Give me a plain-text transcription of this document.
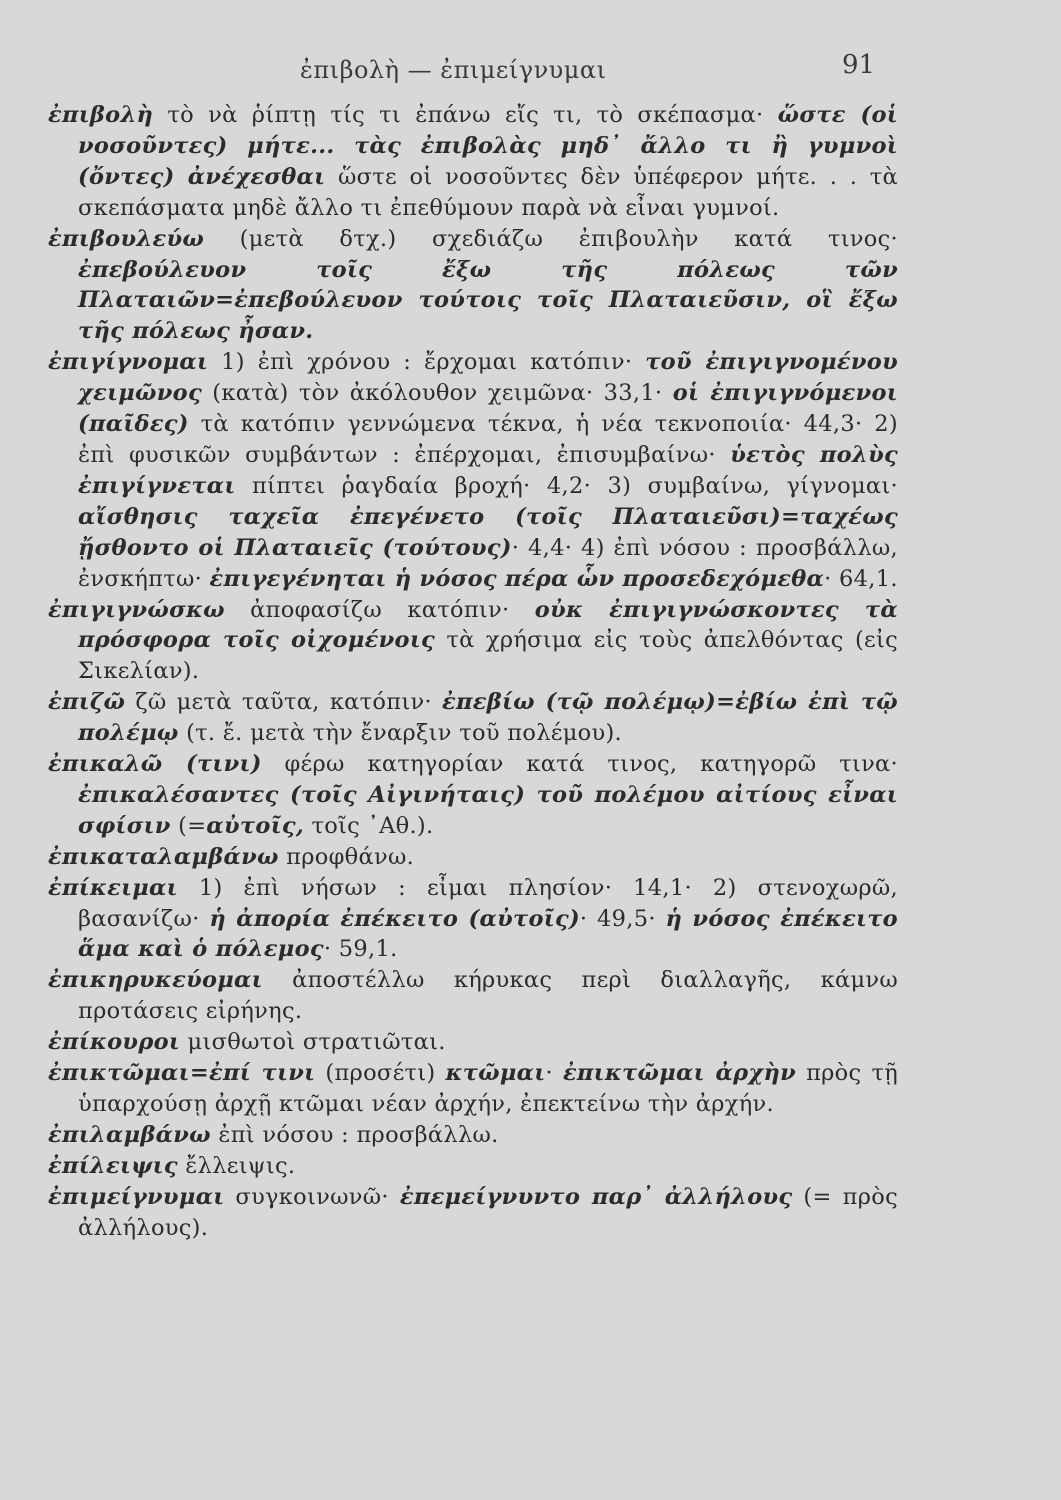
ἐπιβολὴ — ἐπιμείγνυμαι	91

ἐπιβολὴ τὸ νὰ ῥίπτῃ τίς τι ἐπάνω εἴς τι, τὸ σκέπασμα· ὥστε (οἱ νοσοῦντες) μήτε... τὰς ἐπιβολὰς μηδ᾿ ἄλλο τι ἢ γυμνοὶ (ὄντες) ἀνέχεσθαι ὥστε οἱ νοσοῦντες δὲν ὑπέφερον μήτε. . . τὰ σκεπάσματα μηδὲ ἄλλο τι ἐπεθύμουν παρὰ νὰ εἶναι γυμνοί.

ἐπιβουλεύω (μετὰ δτχ.) σχεδιάζω ἐπιβουλὴν κατά τινος· ἐπεβούλευον τοῖς ἔξω τῆς πόλεως τῶν Πλαταιῶν=ἐπεβούλευον τούτοις τοῖς Πλαταιεῦσιν, οἳ ἔξω τῆς πόλεως ἦσαν.

ἐπιγίγνομαι 1) ἐπὶ χρόνου : ἔρχομαι κατόπιν· τοῦ ἐπιγιγνομένου χειμῶνος (κατὰ) τὸν ἀκόλουθον χειμῶνα· 33,1· οἱ ἐπιγιγνόμενοι (παῖδες) τὰ κατόπιν γεννώμενα τέκνα, ἡ νέα τεκνοποιία· 44,3· 2) ἐπὶ φυσικῶν συμβάντων : ἐπέρχομαι, ἐπισυμβαίνω· ὑετὸς πολὺς ἐπιγίγνεται πίπτει ῥαγδαία βροχή· 4,2· 3) συμβαίνω, γίγνομαι· αἴσθησις ταχεῖα ἐπεγένετο (τοῖς Πλαταιεῦσι)=ταχέως ᾔσθοντο οἱ Πλαταιεῖς (τούτους)· 4,4· 4) ἐπὶ νόσου : προσβάλλω, ἐνσκήπτω· ἐπιγεγένηται ἡ νόσος πέρα ὧν προσεδεχόμεθα· 64,1.

ἐπιγιγνώσκω ἀποφασίζω κατόπιν· οὐκ ἐπιγιγνώσκοντες τὰ πρόσφορα τοῖς οἰχομένοις τὰ χρήσιμα εἰς τοὺς ἀπελθόντας (εἰς Σικελίαν).

ἐπιζῶ ζῶ μετὰ ταῦτα, κατόπιν· ἐπεβίω (τῷ πολέμῳ)=ἐβίω ἐπὶ τῷ πολέμῳ (τ. ἔ. μετὰ τὴν ἔναρξιν τοῦ πολέμου).

ἐπικαλῶ (τινι) φέρω κατηγορίαν κατά τινος, κατηγορῶ τινα· ἐπικαλέσαντες (τοῖς Αἰγινήταις) τοῦ πολέμου αἰτίους εἶναι σφίσιν (=αὐτοῖς, τοῖς ᾿Αθ.).

ἐπικαταλαμβάνω προφθάνω.

ἐπίκειμαι 1) ἐπὶ νήσων : εἶμαι πλησίον· 14,1· 2) στενοχωρῶ, βασανίζω· ἡ ἀπορία ἐπέκειτο (αὐτοῖς)· 49,5· ἡ νόσος ἐπέκειτο ἅμα καὶ ὁ πόλεμος· 59,1.

ἐπικηρυκεύομαι ἀποστέλλω κήρυκας περὶ διαλλαγῆς, κάμνω προτάσεις εἰρήνης.

ἐπίκουροι μισθωτοὶ στρατιῶται.

ἐπικτῶμαι=ἐπί τινι (προσέτι) κτῶμαι· ἐπικτῶμαι ἀρχὴν πρὸς τῇ ὑπαρχούσῃ ἀρχῇ κτῶμαι νέαν ἀρχήν, ἐπεκτείνω τὴν ἀρχήν.

ἐπιλαμβάνω ἐπὶ νόσου : προσβάλλω.

ἐπίλειψις ἔλλειψις.

ἐπιμείγνυμαι συγκοινωνῶ· ἐπεμείγνυντο παρ᾿ ἀλλήλους (= πρὸς ἀλλήλους).
